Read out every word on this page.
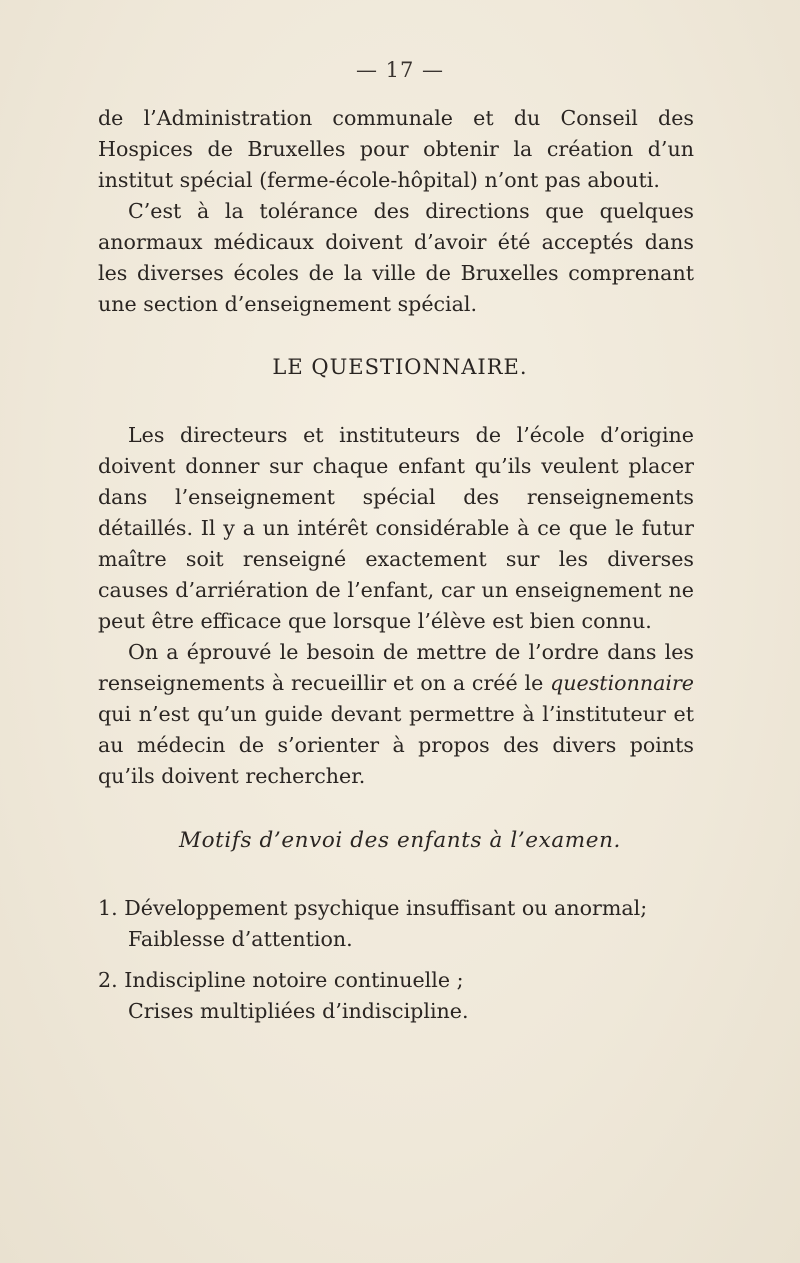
— 17 —

de l’Administration communale et du Conseil des Hospices de Bruxelles pour obtenir la création d’un institut spécial (ferme-école-hôpital) n’ont pas abouti.

C’est à la tolérance des directions que quelques anormaux médicaux doivent d’avoir été acceptés dans les diverses écoles de la ville de Bruxelles comprenant une section d’enseignement spécial.

LE QUESTIONNAIRE.

Les directeurs et instituteurs de l’école d’origine doivent donner sur chaque enfant qu’ils veulent placer dans l’enseignement spécial des renseignements détaillés. Il y a un intérêt considérable à ce que le futur maître soit renseigné exactement sur les diverses causes d’arriération de l’enfant, car un enseignement ne peut être efficace que lorsque l’élève est bien connu.

On a éprouvé le besoin de mettre de l’ordre dans les renseignements à recueillir et on a créé le questionnaire qui n’est qu’un guide devant permettre à l’instituteur et au médecin de s’orienter à propos des divers points qu’ils doivent rechercher.

Motifs d’envoi des enfants à l’examen.

1. Développement psychique insuffisant ou anormal;
Faiblesse d’attention.

2. Indiscipline notoire continuelle ;
Crises multipliées d’indiscipline.
